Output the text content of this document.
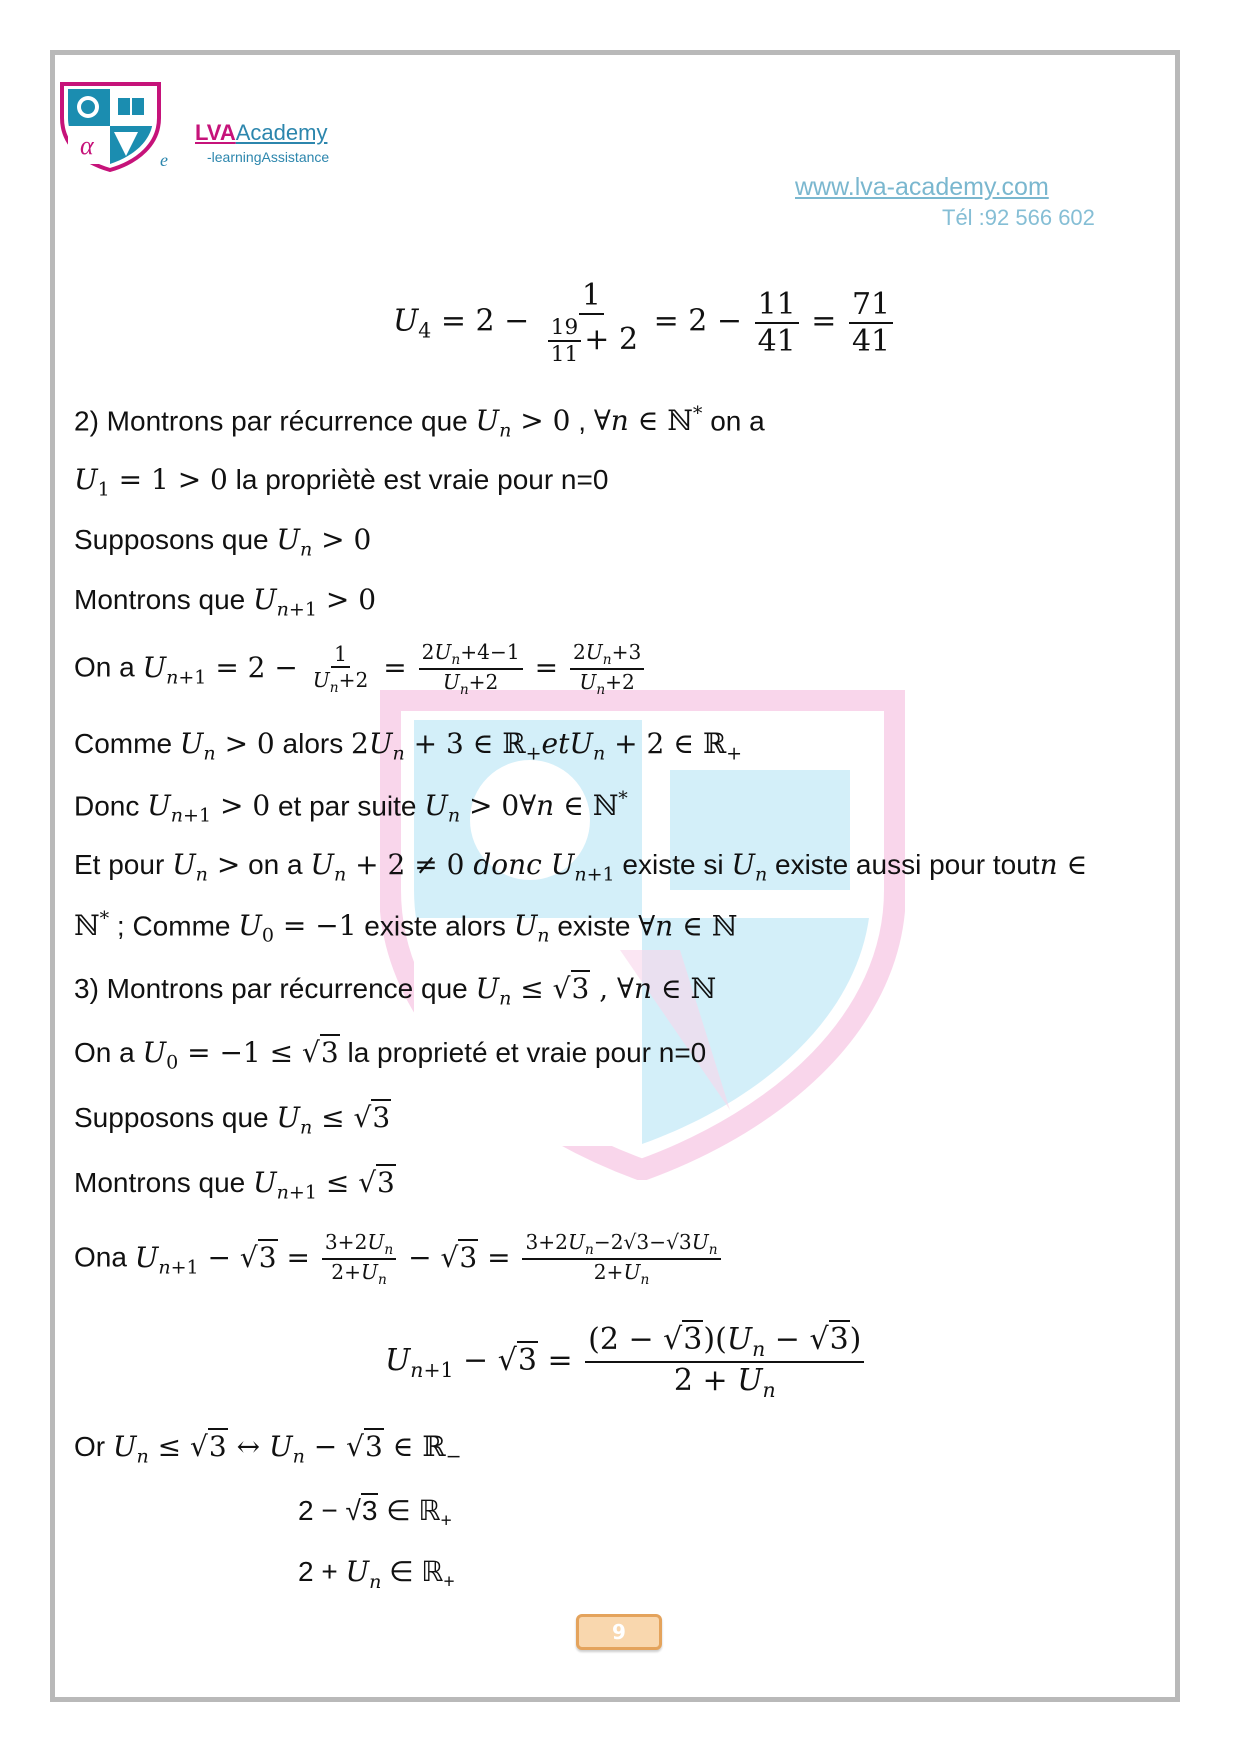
α	LVAAcademy
-learningAssistance
e
www.lva-academy.com
Tél :92 566 602
$U_4 = 2 - \frac{1}{\frac{19}{11} + 2} = 2 - \frac{11}{41} = \frac{71}{41}$
2) Montrons par récurrence que $U_n > 0$ , ∀n ∈ ℕ* on a
$U_1 = 1 > 0$ la propriètè est vraie pour n=0
Supposons que $U_n > 0$
Montrons que $U_{n+1} > 0$
On a $U_{n+1} = 2 - \frac{1}{U_n+2} = \frac{2U_n+4-1}{U_n+2} = \frac{2U_n+3}{U_n+2}$
Comme $U_n > 0$ alors $2U_n + 3$ ∈ ℝ$_+$etU$_n$ + 2 ∈ ℝ$_+$
Donc $U_{n+1} > 0$ et par suite $U_n$ > 0∀n ∈ ℕ*
Et pour $U_n$ > on a $U_n + 2 \ne 0$ donc $U_{n+1}$ existe si $U_n$ existe aussi pour toutn ∈
ℕ* ; Comme $U_0 = -1$ existe alors $U_n$ existe ∀n ∈ ℕ
3) Montrons par récurrence que $U_n \le √3$ , ∀n ∈ ℕ
On a $U_0 = -1 \le √3$ la proprieté et vraie pour n=0
Supposons que $U_n \le √3$
Montrons que $U_{n+1} \le √3$
Ona $U_{n+1} - √3 = \frac{3+2U_n}{2+U_n} - √3 = \frac{3+2U_n-2√3-√3U_n}{2+U_n}$
$U_{n+1} - √3 = \frac{(2 - √3)(U_n - √3)}{2 + U_n}$
Or $U_n \le √3$ ↔ $U_n - √3$ ∈ ℝ$_-$
2 − √3 ∈ ℝ$_+$
$2 + U_n$ ∈ ℝ$_+$
9
